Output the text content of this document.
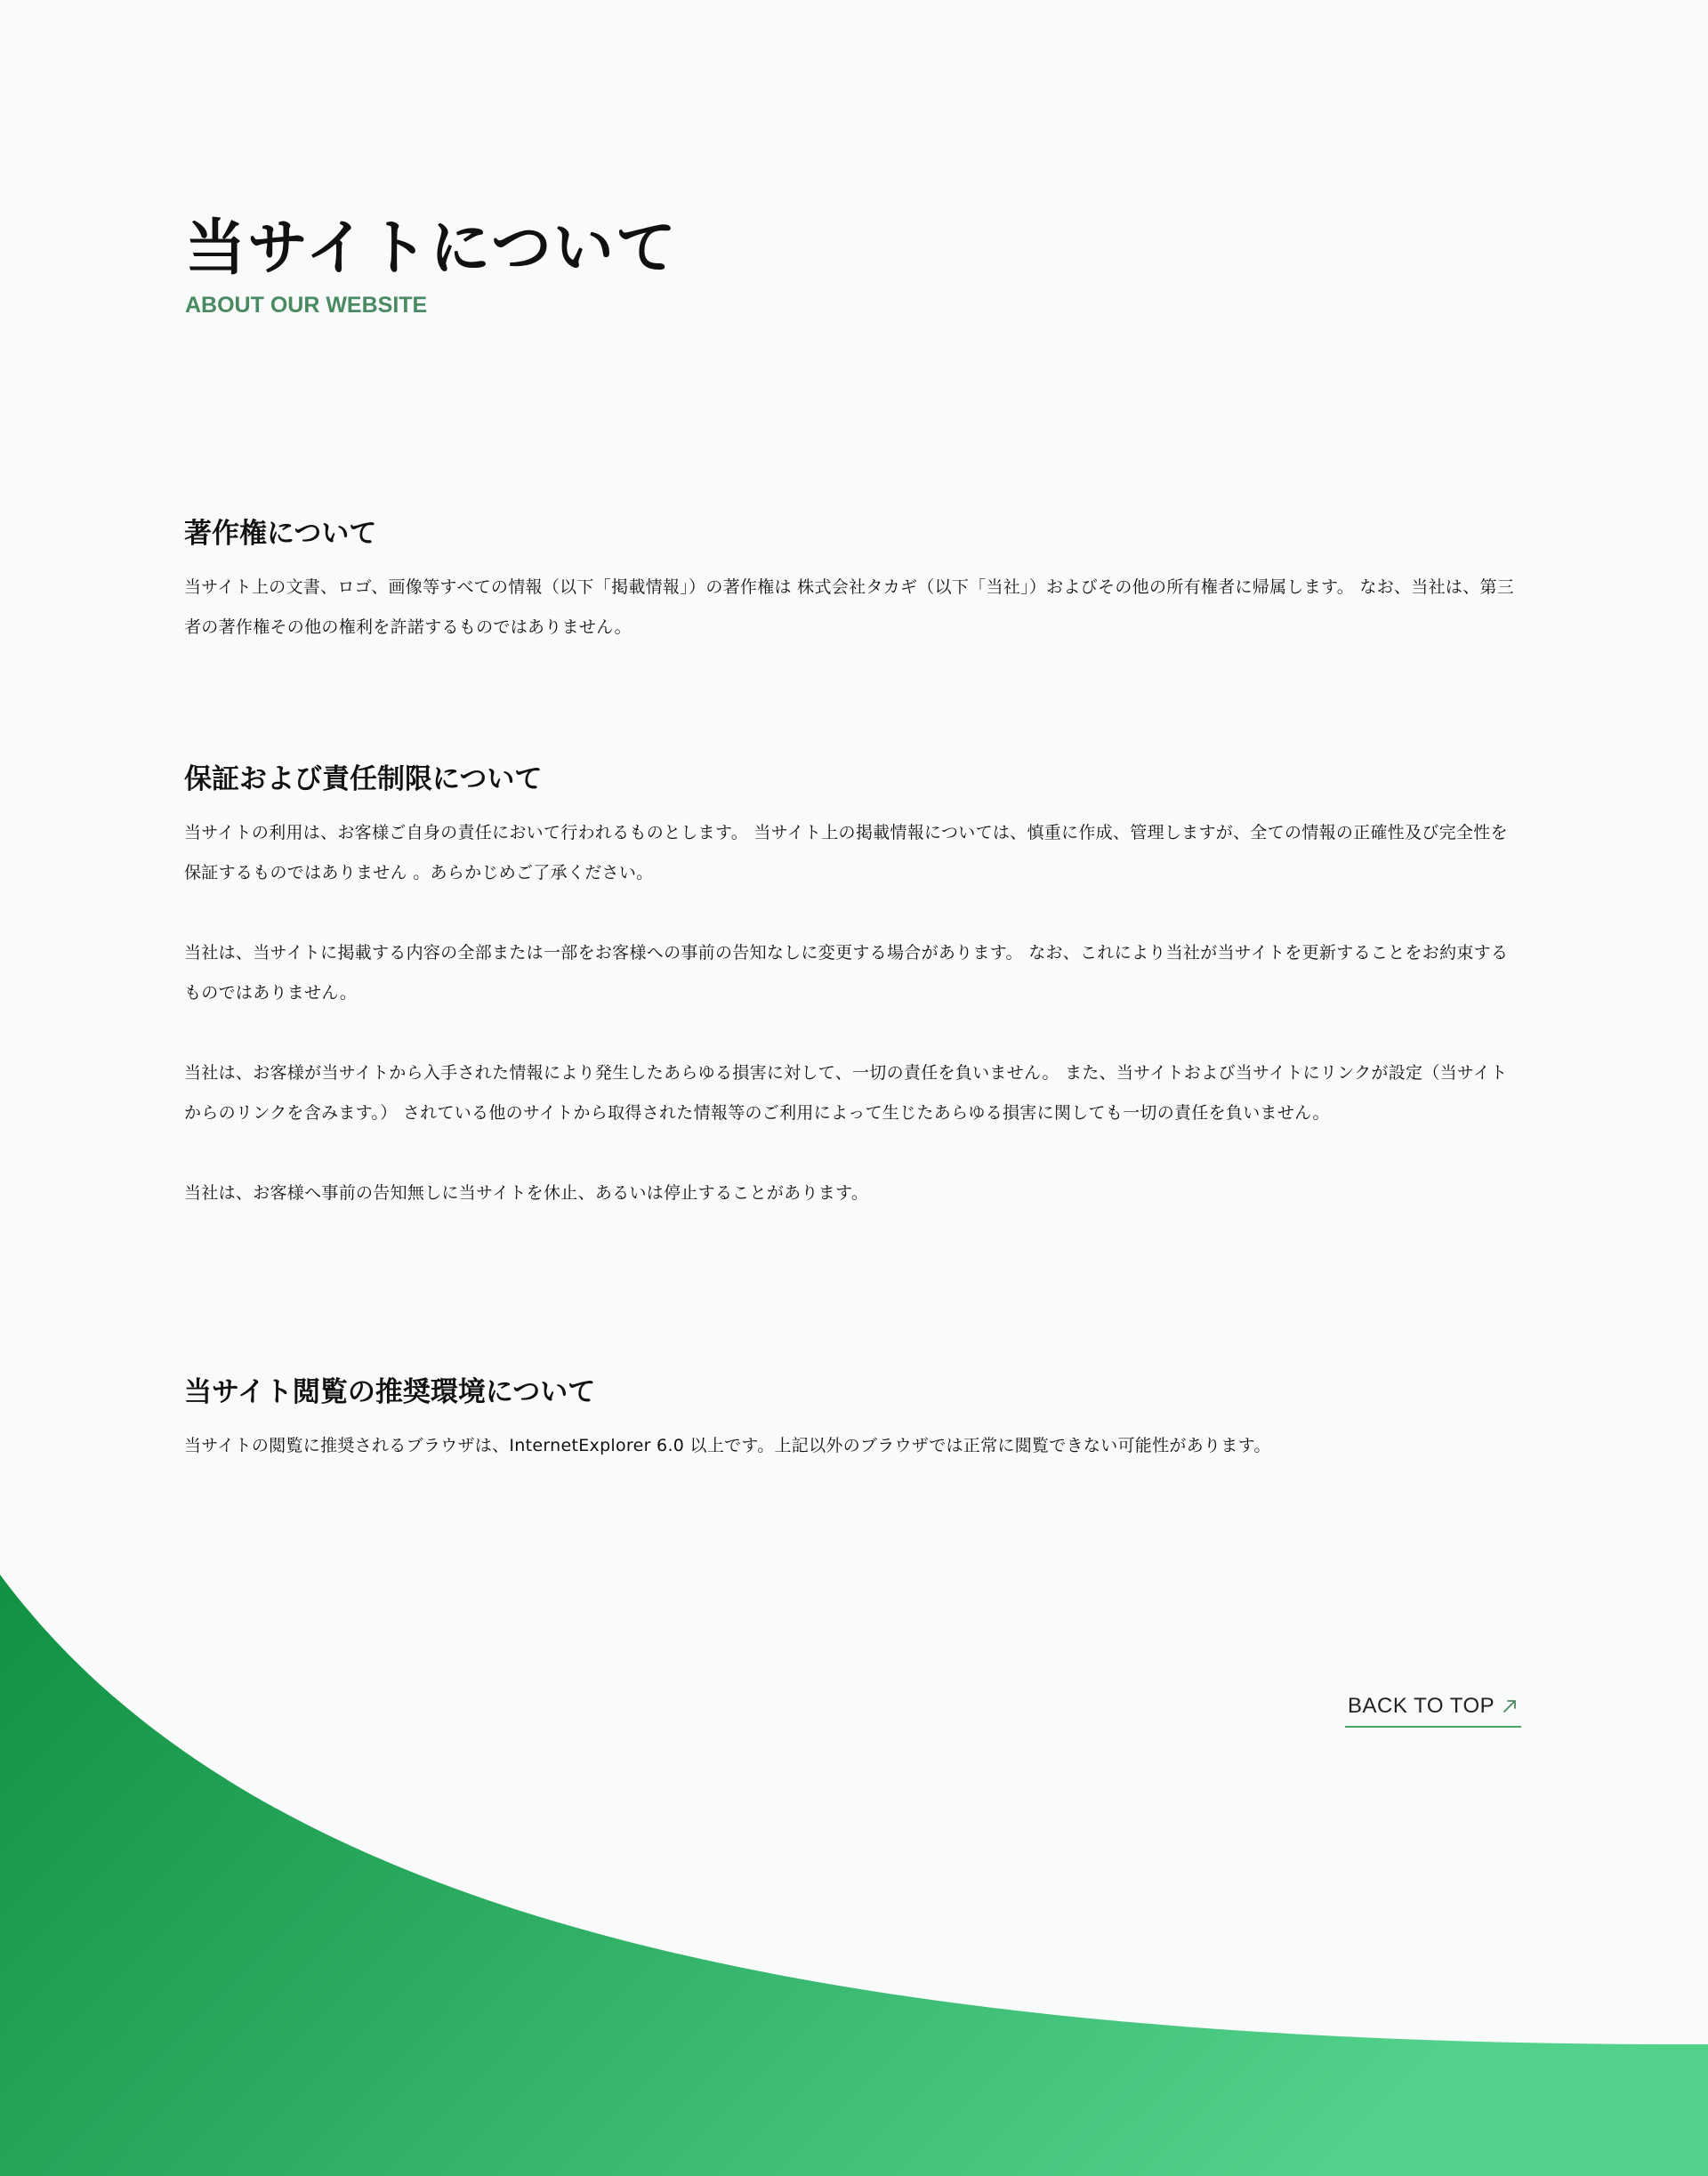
当サイトについて
ABOUT OUR WEBSITE
著作権について

当サイト上の文書、ロゴ、画像等すべての情報（以下「掲載情報」）の著作権は 株式会社タカギ（以下「当社」）およびその他の所有権者に帰属します。 なお、当社は、第三者の著作権その他の権利を許諾するものではありません。

保証および責任制限について

当サイトの利用は、お客様ご自身の責任において行われるものとします。 当サイト上の掲載情報については、慎重に作成、管理しますが、全ての情報の正確性及び完全性を保証するものではありません 。あらかじめご了承ください。

当社は、当サイトに掲載する内容の全部または一部をお客様への事前の告知なしに変更する場合があります。 なお、これにより当社が当サイトを更新することをお約束するものではありません。

当社は、お客様が当サイトから入手された情報により発生したあらゆる損害に対して、一切の責任を負いません。 また、当サイトおよび当サイトにリンクが設定（当サイトからのリンクを含みます。） されている他のサイトから取得された情報等のご利用によって生じたあらゆる損害に関しても一切の責任を負いません。

当社は、お客様へ事前の告知無しに当サイトを休止、あるいは停止することがあります。

当サイト閲覧の推奨環境について

当サイトの閲覧に推奨されるブラウザは、InternetExplorer 6.0 以上です。上記以外のブラウザでは正常に閲覧できない可能性があります。

BACK TO TOP
